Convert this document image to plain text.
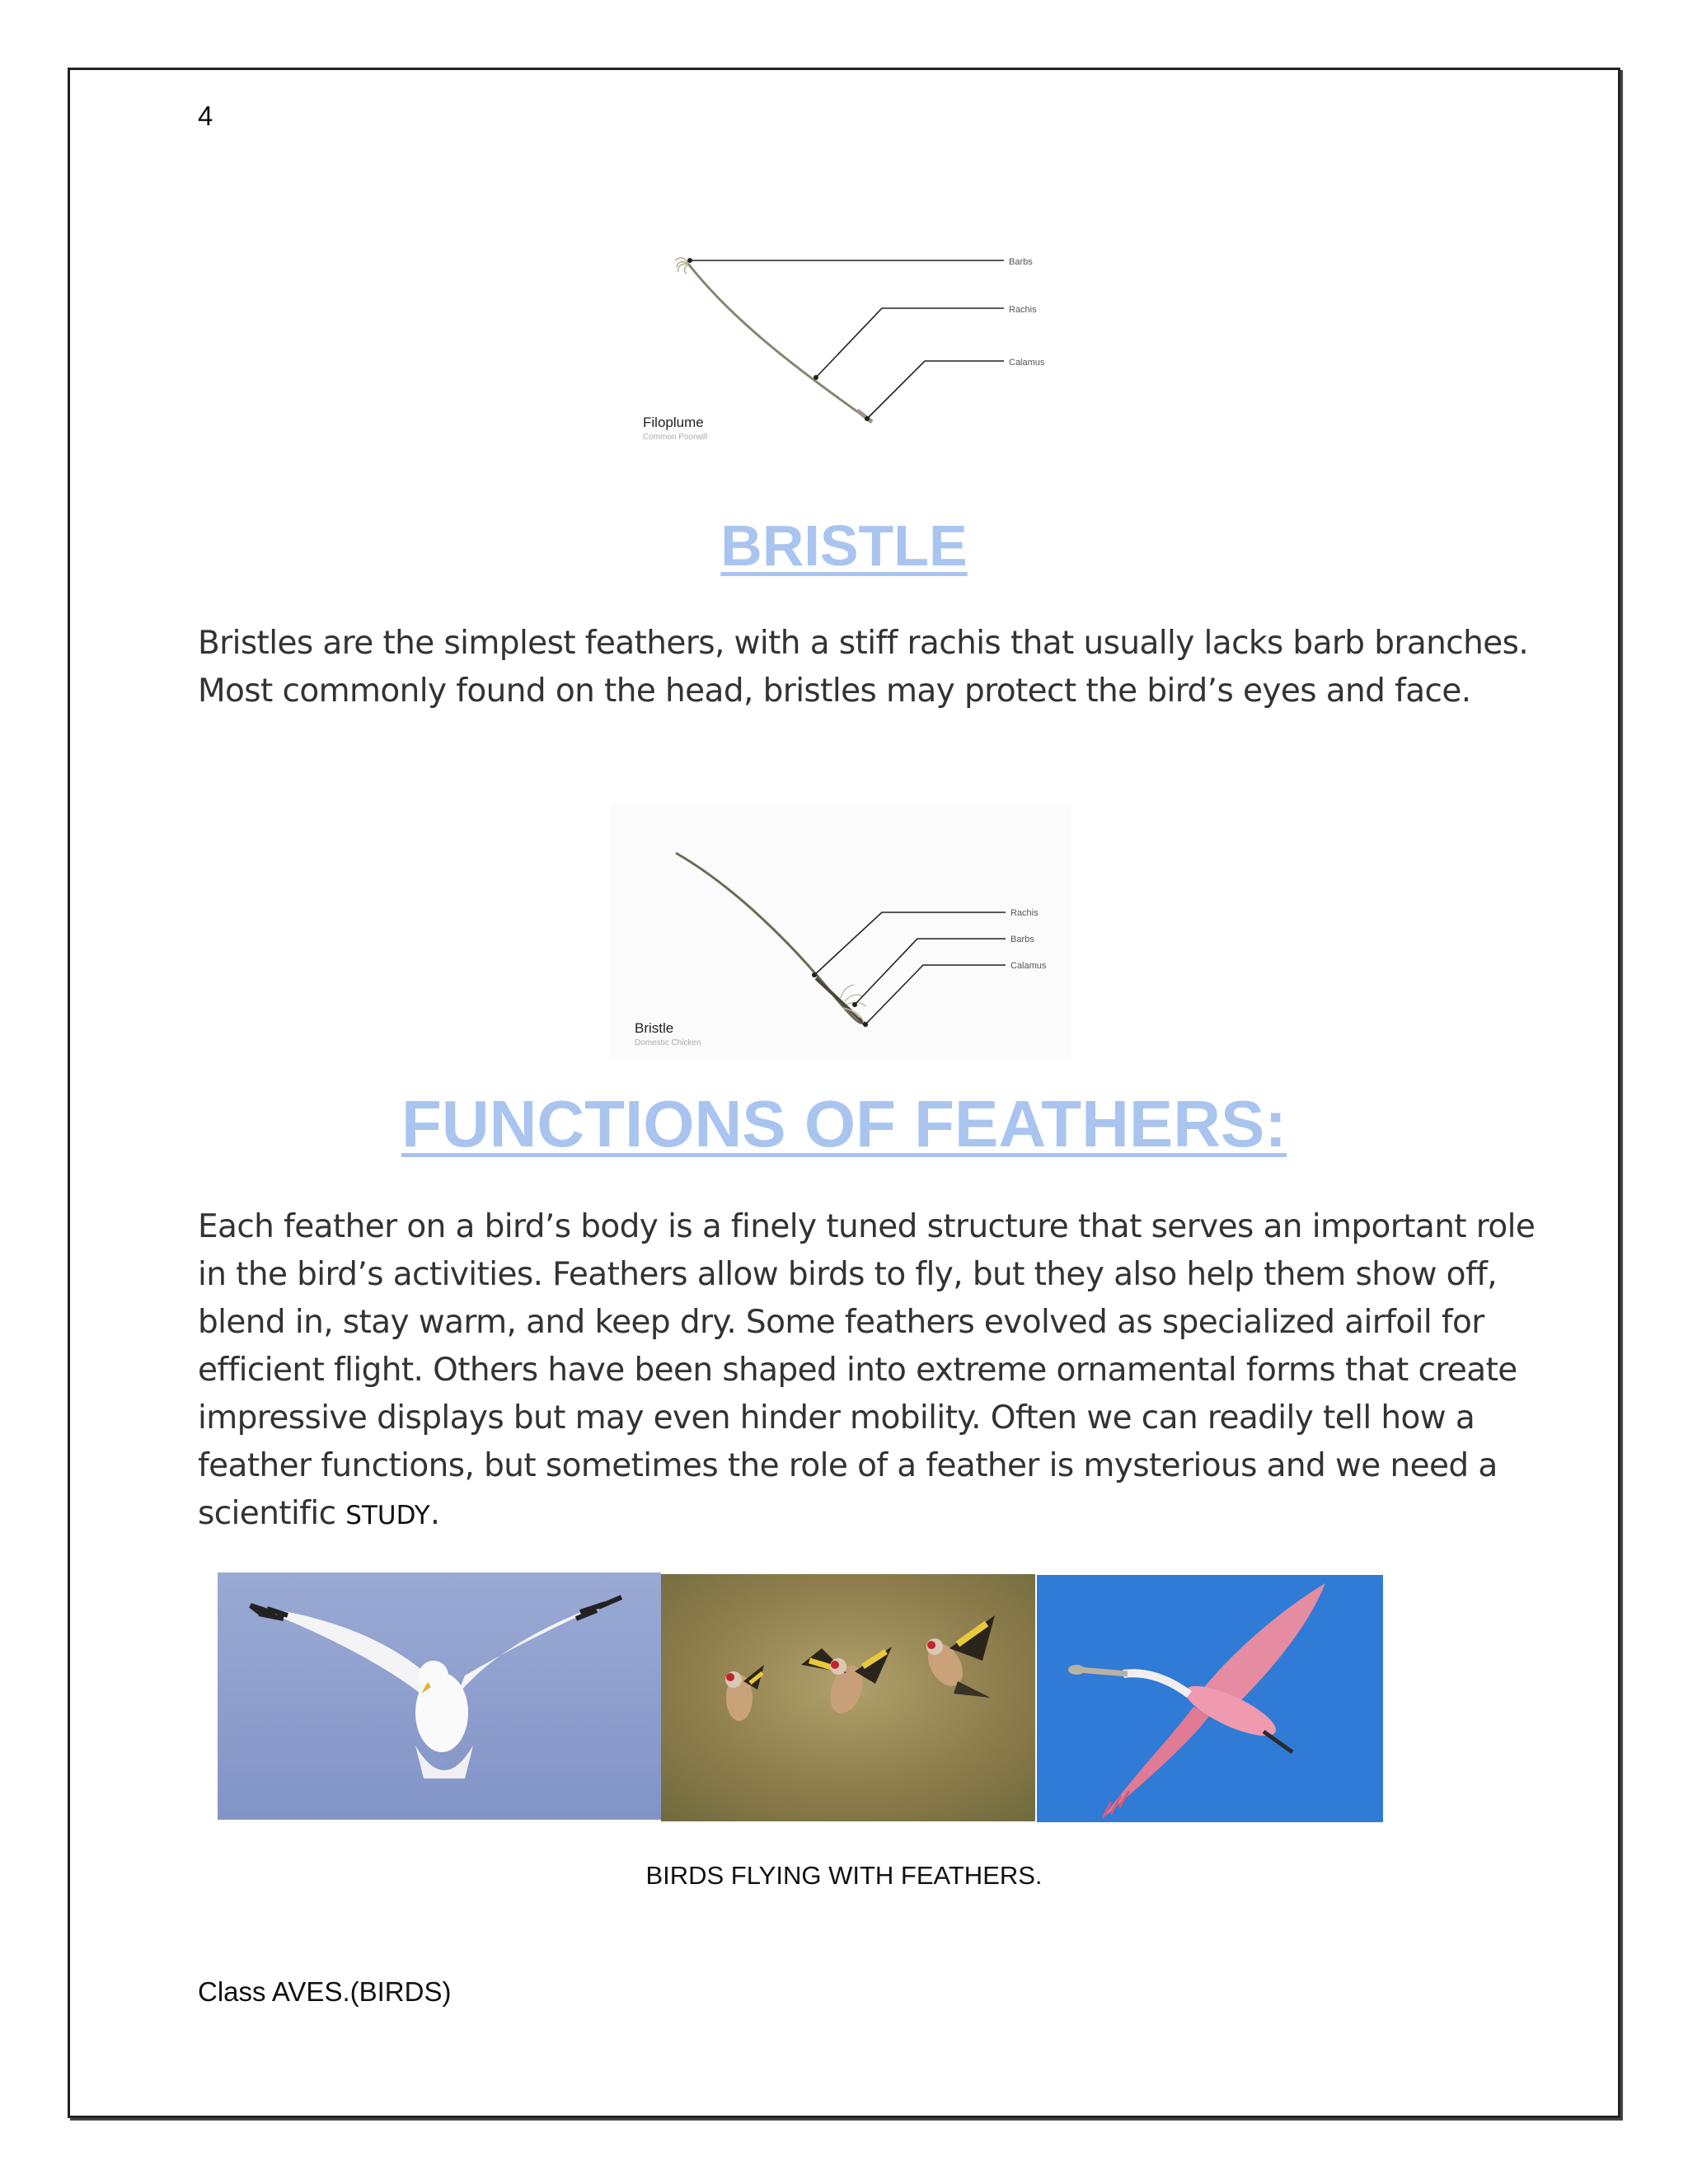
4
Barbs
Rachis
Calamus
Filoplume
Common Poorwill
BRISTLE

Bristles are the simplest feathers, with a stiff rachis that usually lacks barb branches. Most commonly found on the head, bristles may protect the bird’s eyes and face.

Rachis
Barbs
Calamus
Bristle
Domestic Chicken
FUNCTIONS OF FEATHERS:

Each feather on a bird’s body is a finely tuned structure that serves an important role in the bird’s activities. Feathers allow birds to fly, but they also help them show off, blend in, stay warm, and keep dry. Some feathers evolved as specialized airfoil for efficient flight. Others have been shaped into extreme ornamental forms that create impressive displays but may even hinder mobility. Often we can readily tell how a feather functions, but sometimes the role of a feather is mysterious and we need a scientific STUDY.

BIRDS FLYING WITH FEATHERS.
Class AVES.(BIRDS)
